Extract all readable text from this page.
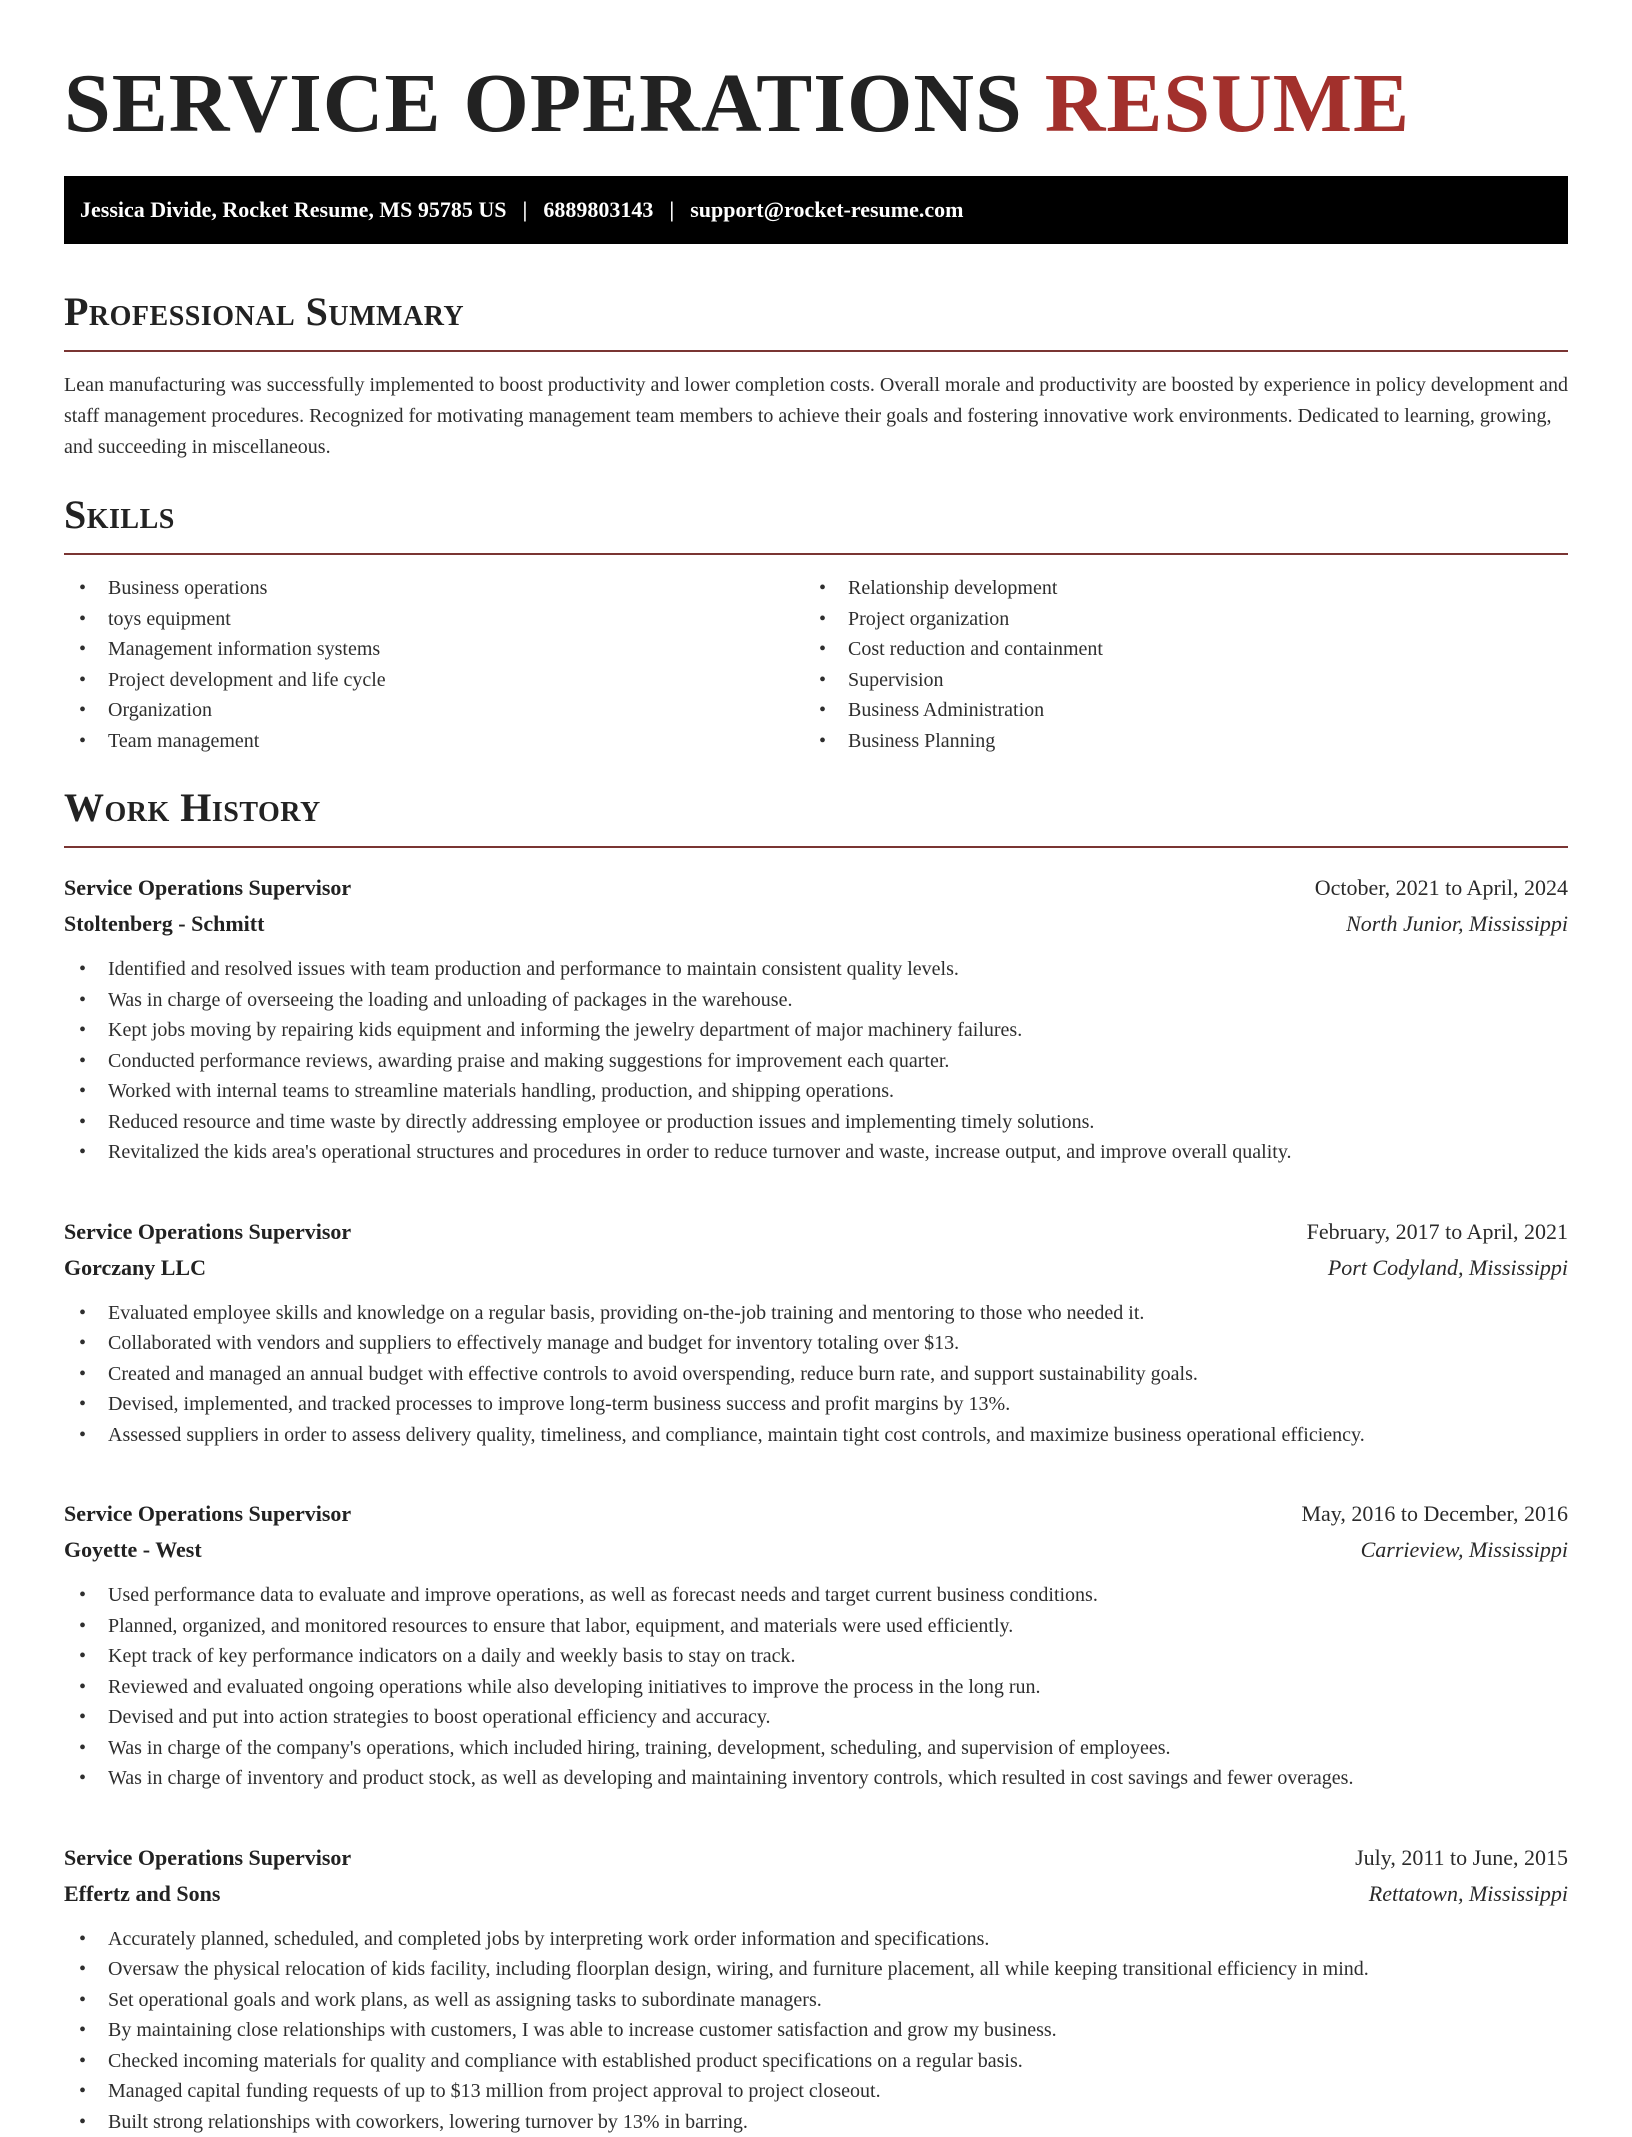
SERVICE OPERATIONS RESUME
Jessica Divide, Rocket Resume, MS 95785 US | 6889803143 | support@rocket-resume.com
Professional Summary

Lean manufacturing was successfully implemented to boost productivity and lower completion costs. Overall morale and productivity are boosted by experience in policy development and staff management procedures. Recognized for motivating management team members to achieve their goals and fostering innovative work environments. Dedicated to learning, growing, and succeeding in miscellaneous.

Skills
• Business operations
• toys equipment
• Management information systems
• Project development and life cycle
• Organization
• Team management
• Relationship development
• Project organization
• Cost reduction and containment
• Supervision
• Business Administration
• Business Planning
Work History
Service Operations Supervisor	October, 2021 to April, 2024
Stoltenberg - Schmitt	North Junior, Mississippi
• Identified and resolved issues with team production and performance to maintain consistent quality levels.
• Was in charge of overseeing the loading and unloading of packages in the warehouse.
• Kept jobs moving by repairing kids equipment and informing the jewelry department of major machinery failures.
• Conducted performance reviews, awarding praise and making suggestions for improvement each quarter.
• Worked with internal teams to streamline materials handling, production, and shipping operations.
• Reduced resource and time waste by directly addressing employee or production issues and implementing timely solutions.
• Revitalized the kids area's operational structures and procedures in order to reduce turnover and waste, increase output, and improve overall quality.
Service Operations Supervisor	February, 2017 to April, 2021
Gorczany LLC	Port Codyland, Mississippi
• Evaluated employee skills and knowledge on a regular basis, providing on-the-job training and mentoring to those who needed it.
• Collaborated with vendors and suppliers to effectively manage and budget for inventory totaling over $13.
• Created and managed an annual budget with effective controls to avoid overspending, reduce burn rate, and support sustainability goals.
• Devised, implemented, and tracked processes to improve long-term business success and profit margins by 13%.
• Assessed suppliers in order to assess delivery quality, timeliness, and compliance, maintain tight cost controls, and maximize business operational efficiency.
Service Operations Supervisor	May, 2016 to December, 2016
Goyette - West	Carrieview, Mississippi
• Used performance data to evaluate and improve operations, as well as forecast needs and target current business conditions.
• Planned, organized, and monitored resources to ensure that labor, equipment, and materials were used efficiently.
• Kept track of key performance indicators on a daily and weekly basis to stay on track.
• Reviewed and evaluated ongoing operations while also developing initiatives to improve the process in the long run.
• Devised and put into action strategies to boost operational efficiency and accuracy.
• Was in charge of the company's operations, which included hiring, training, development, scheduling, and supervision of employees.
• Was in charge of inventory and product stock, as well as developing and maintaining inventory controls, which resulted in cost savings and fewer overages.
Service Operations Supervisor	July, 2011 to June, 2015
Effertz and Sons	Rettatown, Mississippi
• Accurately planned, scheduled, and completed jobs by interpreting work order information and specifications.
• Oversaw the physical relocation of kids facility, including floorplan design, wiring, and furniture placement, all while keeping transitional efficiency in mind.
• Set operational goals and work plans, as well as assigning tasks to subordinate managers.
• By maintaining close relationships with customers, I was able to increase customer satisfaction and grow my business.
• Checked incoming materials for quality and compliance with established product specifications on a regular basis.
• Managed capital funding requests of up to $13 million from project approval to project closeout.
• Built strong relationships with coworkers, lowering turnover by 13% in barring.
